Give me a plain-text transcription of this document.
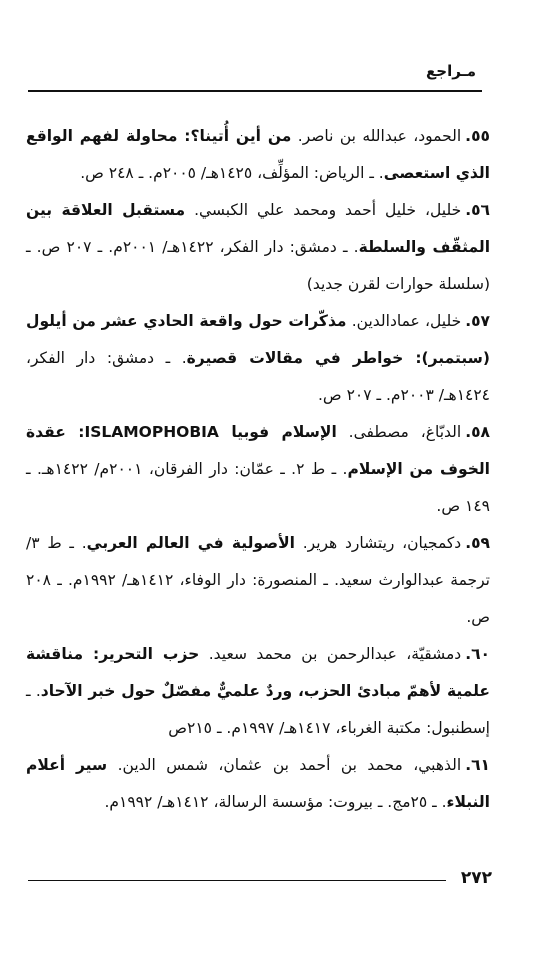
مـراجع

٥٥.الحمود، عبدالله بن ناصر. من أين أُتينا؟: محاولة لفهم الواقع الذي استعصى. ـ الرياض: المؤلِّف، ١٤٢٥هـ/ ٢٠٠٥م. ـ ٢٤٨ ص.

٥٦.خليل، خليل أحمد ومحمد علي الكبسي. مستقبل العلاقة بين المثقّف والسلطة. ـ دمشق: دار الفكر، ١٤٢٢هـ/ ٢٠٠١م. ـ ٢٠٧ ص. ـ (سلسلة حوارات لقرن جديد)

٥٧.خليل، عمادالدين. مذكّرات حول واقعة الحادي عشر من أيلول (سبتمبر): خواطر في مقالات قصيرة. ـ دمشق: دار الفكر، ١٤٢٤هـ/ ٢٠٠٣م. ـ ٢٠٧ ص.

٥٨.الدبّاغ، مصطفى. الإسلام فوبيا ISLAMOPHOBIA: عقدة الخوف من الإسلام. ـ ط ٢. ـ عمّان: دار الفرقان، ٢٠٠١م/ ١٤٢٢هـ. ـ ١٤٩ ص.

٥٩.دكمجيان، ريتشارد هرير. الأصولية في العالم العربي. ـ ط ٣/ ترجمة عبدالوارث سعيد. ـ المنصورة: دار الوفاء، ١٤١٢هـ/ ١٩٩٢م. ـ ٢٠٨ ص.

٦٠.دمشقيّة، عبدالرحمن بن محمد سعيد. حزب التحرير: مناقشة علمية لأهمّ مبادئ الحزب، وردٌ علميٌّ مفصّلٌ حول خبر الآحاد. ـ إسطنبول: مكتبة الغرباء، ١٤١٧هـ/ ١٩٩٧م. ـ ٢١٥ص

٦١.الذهبي، محمد بن أحمد بن عثمان، شمس الدين. سير أعلام النبلاء. ـ ٢٥مج. ـ بيروت: مؤسسة الرسالة، ١٤١٢هـ/ ١٩٩٢م.

٢٧٢
